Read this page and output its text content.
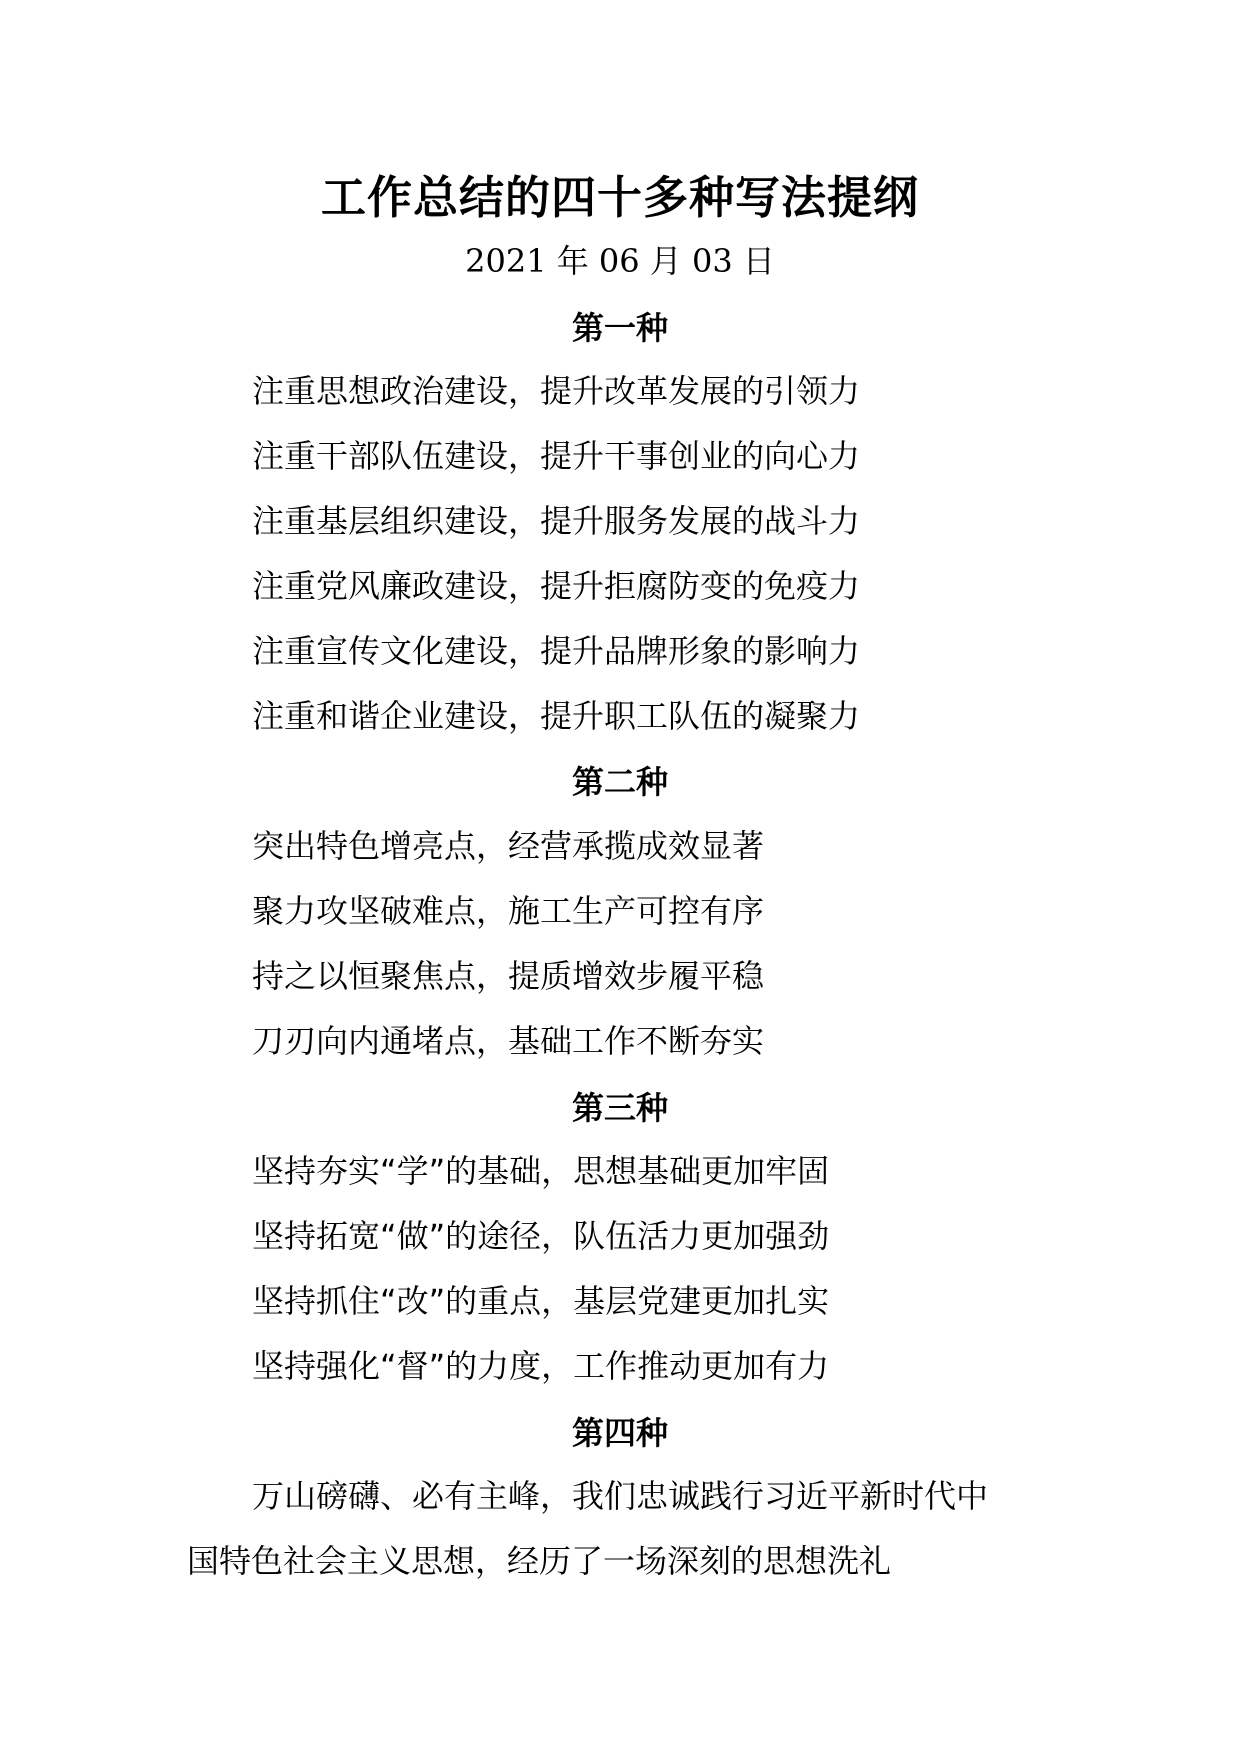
工作总结的四十多种写法提纲
2021 年 06 月 03 日
第一种
注重思想政治建设，提升改革发展的引领力
注重干部队伍建设，提升干事创业的向心力
注重基层组织建设，提升服务发展的战斗力
注重党风廉政建设，提升拒腐防变的免疫力
注重宣传文化建设，提升品牌形象的影响力
注重和谐企业建设，提升职工队伍的凝聚力
第二种
突出特色增亮点，经营承揽成效显著
聚力攻坚破难点，施工生产可控有序
持之以恒聚焦点，提质增效步履平稳
刀刃向内通堵点，基础工作不断夯实
第三种
坚持夯实“学”的基础，思想基础更加牢固
坚持拓宽“做”的途径，队伍活力更加强劲
坚持抓住“改”的重点，基层党建更加扎实
坚持强化“督”的力度，工作推动更加有力
第四种
万山磅礴、必有主峰，我们忠诚践行习近平新时代中
国特色社会主义思想，经历了一场深刻的思想洗礼
